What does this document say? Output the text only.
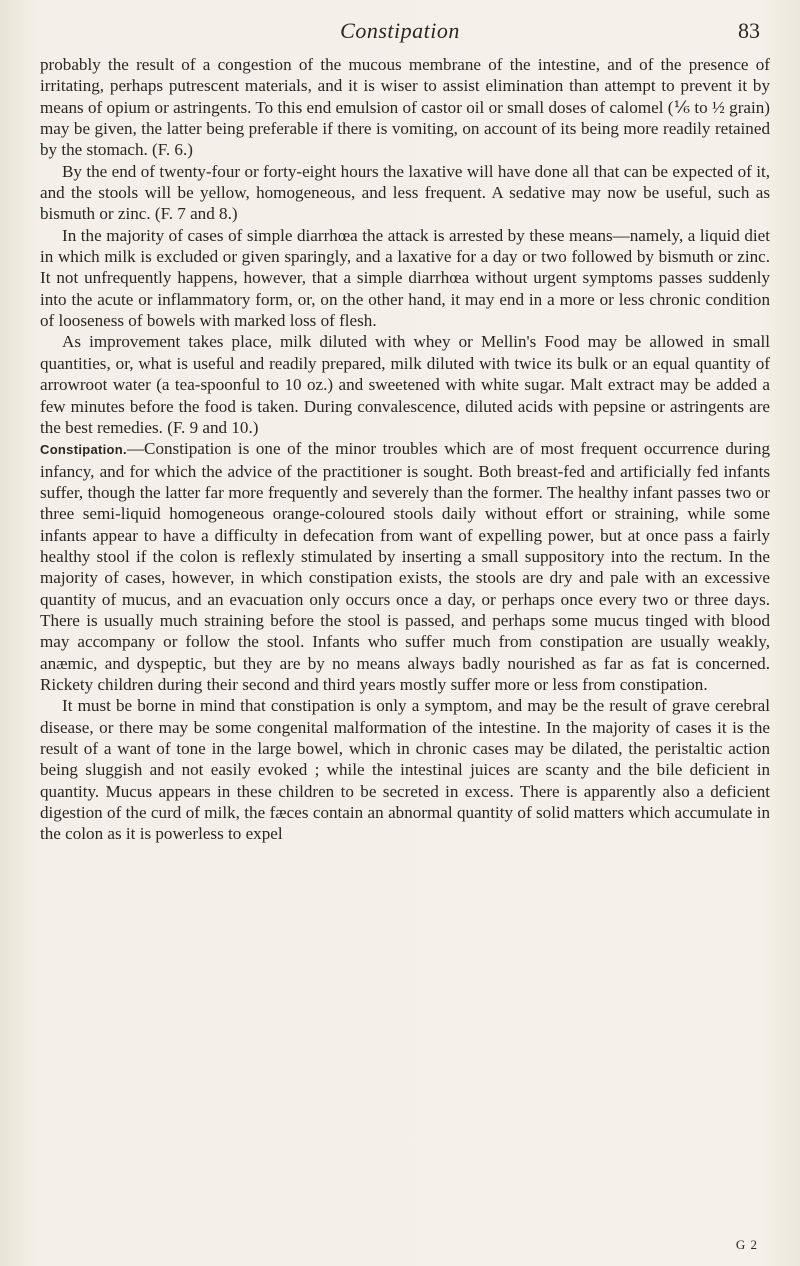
Constipation	83

probably the result of a congestion of the mucous membrane of the intestine, and of the presence of irritating, perhaps putrescent materials, and it is wiser to assist elimination than attempt to prevent it by means of opium or astringents. To this end emulsion of castor oil or small doses of calomel (⅙ to ½ grain) may be given, the latter being preferable if there is vomiting, on account of its being more readily retained by the stomach. (F. 6.)

By the end of twenty-four or forty-eight hours the laxative will have done all that can be expected of it, and the stools will be yellow, homogeneous, and less frequent. A sedative may now be useful, such as bismuth or zinc. (F. 7 and 8.)

In the majority of cases of simple diarrhœa the attack is arrested by these means—namely, a liquid diet in which milk is excluded or given sparingly, and a laxative for a day or two followed by bismuth or zinc. It not unfrequently happens, however, that a simple diarrhœa without urgent symptoms passes suddenly into the acute or inflammatory form, or, on the other hand, it may end in a more or less chronic condition of looseness of bowels with marked loss of flesh.

As improvement takes place, milk diluted with whey or Mellin's Food may be allowed in small quantities, or, what is useful and readily prepared, milk diluted with twice its bulk or an equal quantity of arrowroot water (a tea-spoonful to 10 oz.) and sweetened with white sugar. Malt extract may be added a few minutes before the food is taken. During convalescence, diluted acids with pepsine or astringents are the best remedies. (F. 9 and 10.)

Constipation.—Constipation is one of the minor troubles which are of most frequent occurrence during infancy, and for which the advice of the practitioner is sought. Both breast-fed and artificially fed infants suffer, though the latter far more frequently and severely than the former. The healthy infant passes two or three semi-liquid homogeneous orange-coloured stools daily without effort or straining, while some infants appear to have a difficulty in defecation from want of expelling power, but at once pass a fairly healthy stool if the colon is reflexly stimulated by inserting a small suppository into the rectum. In the majority of cases, however, in which constipation exists, the stools are dry and pale with an excessive quantity of mucus, and an evacuation only occurs once a day, or perhaps once every two or three days. There is usually much straining before the stool is passed, and perhaps some mucus tinged with blood may accompany or follow the stool. Infants who suffer much from constipation are usually weakly, anæmic, and dyspeptic, but they are by no means always badly nourished as far as fat is concerned. Rickety children during their second and third years mostly suffer more or less from constipation.

It must be borne in mind that constipation is only a symptom, and may be the result of grave cerebral disease, or there may be some congenital malformation of the intestine. In the majority of cases it is the result of a want of tone in the large bowel, which in chronic cases may be dilated, the peristaltic action being sluggish and not easily evoked ; while the intestinal juices are scanty and the bile deficient in quantity. Mucus appears in these children to be secreted in excess. There is apparently also a deficient digestion of the curd of milk, the fæces contain an abnormal quantity of solid matters which accumulate in the colon as it is powerless to expel

G 2
